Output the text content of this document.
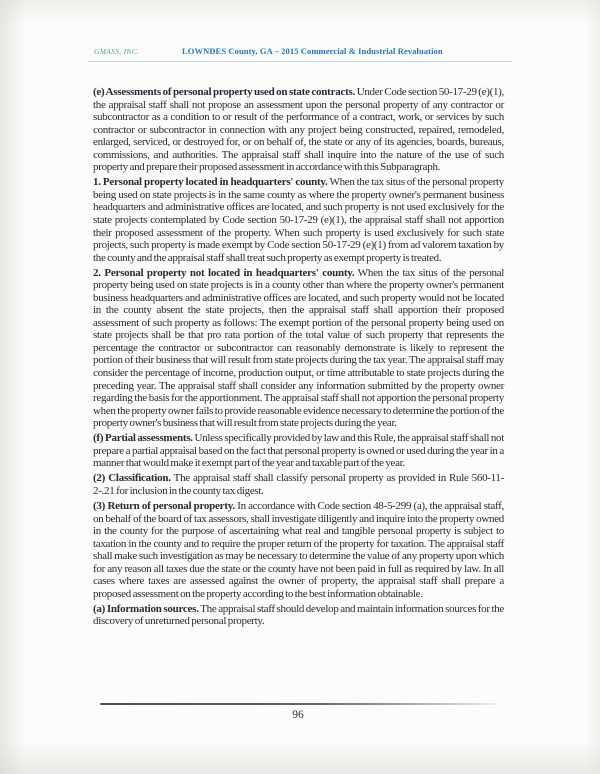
GMASS, INC.	LOWNDES County, GA – 2015 Commercial & Industrial Revaluation

(e) Assessments of personal property used on state contracts. Under Code section 50-17-29 (e)(1), the appraisal staff shall not propose an assessment upon the personal property of any contractor or subcontractor as a condition to or result of the performance of a contract, work, or services by such contractor or subcontractor in connection with any project being constructed, repaired, remodeled, enlarged, serviced, or destroyed for, or on behalf of, the state or any of its agencies, boards, bureaus, commissions, and authorities. The appraisal staff shall inquire into the nature of the use of such property and prepare their proposed assessment in accordance with this Subparagraph.

1. Personal property located in headquarters' county. When the tax situs of the personal property being used on state projects is in the same county as where the property owner's permanent business headquarters and administrative offices are located, and such property is not used exclusively for the state projects contemplated by Code section 50-17-29 (e)(1), the appraisal staff shall not apportion their proposed assessment of the property. When such property is used exclusively for such state projects, such property is made exempt by Code section 50-17-29 (e)(1) from ad valorem taxation by the county and the appraisal staff shall treat such property as exempt property is treated.

2. Personal property not located in headquarters' county. When the tax situs of the personal property being used on state projects is in a county other than where the property owner's permanent business headquarters and administrative offices are located, and such property would not be located in the county absent the state projects, then the appraisal staff shall apportion their proposed assessment of such property as follows: The exempt portion of the personal property being used on state projects shall be that pro rata portion of the total value of such property that represents the percentage the contractor or subcontractor can reasonably demonstrate is likely to represent the portion of their business that will result from state projects during the tax year. The appraisal staff may consider the percentage of income, production output, or time attributable to state projects during the preceding year. The appraisal staff shall consider any information submitted by the property owner regarding the basis for the apportionment. The appraisal staff shall not apportion the personal property when the property owner fails to provide reasonable evidence necessary to determine the portion of the property owner's business that will result from state projects during the year.

(f) Partial assessments. Unless specifically provided by law and this Rule, the appraisal staff shall not prepare a partial appraisal based on the fact that personal property is owned or used during the year in a manner that would make it exempt part of the year and taxable part of the year.

(2) Classification. The appraisal staff shall classify personal property as provided in Rule 560-11-2-.21 for inclusion in the county tax digest.

(3) Return of personal property. In accordance with Code section 48-5-299 (a), the appraisal staff, on behalf of the board of tax assessors, shall investigate diligently and inquire into the property owned in the county for the purpose of ascertaining what real and tangible personal property is subject to taxation in the county and to require the proper return of the property for taxation. The appraisal staff shall make such investigation as may be necessary to determine the value of any property upon which for any reason all taxes due the state or the county have not been paid in full as required by law. In all cases where taxes are assessed against the owner of property, the appraisal staff shall prepare a proposed assessment on the property according to the best information obtainable.

(a) Information sources. The appraisal staff should develop and maintain information sources for the discovery of unreturned personal property.

96
